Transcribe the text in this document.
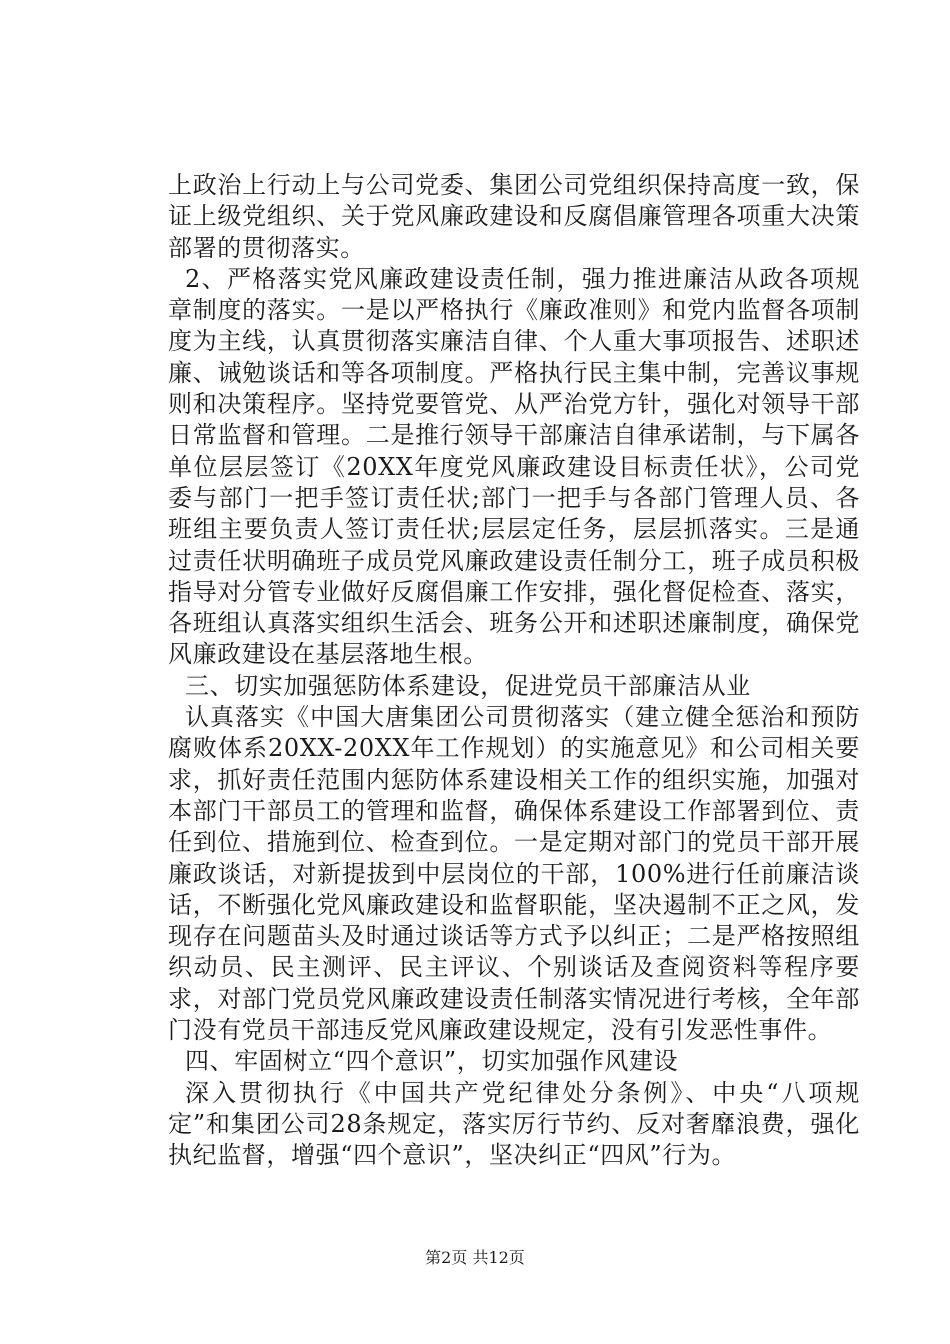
上政治上行动上与公司党委、集团公司党组织保持高度一致，保证上级党组织、关于党风廉政建设和反腐倡廉管理各项重大决策部署的贯彻落实。

2、严格落实党风廉政建设责任制，强力推进廉洁从政各项规章制度的落实。一是以严格执行《廉政准则》和党内监督各项制度为主线，认真贯彻落实廉洁自律、个人重大事项报告、述职述廉、诫勉谈话和等各项制度。严格执行民主集中制，完善议事规则和决策程序。坚持党要管党、从严治党方针，强化对领导干部日常监督和管理。二是推行领导干部廉洁自律承诺制，与下属各单位层层签订《20XX年度党风廉政建设目标责任状》，公司党委与部门一把手签订责任状;部门一把手与各部门管理人员、各班组主要负责人签订责任状;层层定任务，层层抓落实。三是通过责任状明确班子成员党风廉政建设责任制分工，班子成员积极指导对分管专业做好反腐倡廉工作安排，强化督促检查、落实，各班组认真落实组织生活会、班务公开和述职述廉制度，确保党风廉政建设在基层落地生根。

三、切实加强惩防体系建设，促进党员干部廉洁从业

认真落实《中国大唐集团公司贯彻落实（建立健全惩治和预防腐败体系20XX-20XX年工作规划）的实施意见》和公司相关要求，抓好责任范围内惩防体系建设相关工作的组织实施，加强对本部门干部员工的管理和监督，确保体系建设工作部署到位、责任到位、措施到位、检查到位。一是定期对部门的党员干部开展廉政谈话，对新提拔到中层岗位的干部，100%进行任前廉洁谈话，不断强化党风廉政建设和监督职能，坚决遏制不正之风，发现存在问题苗头及时通过谈话等方式予以纠正；二是严格按照组织动员、民主测评、民主评议、个别谈话及查阅资料等程序要求，对部门党员党风廉政建设责任制落实情况进行考核，全年部门没有党员干部违反党风廉政建设规定，没有引发恶性事件。

四、牢固树立“四个意识”，切实加强作风建设

深入贯彻执行《中国共产党纪律处分条例》、中央“八项规定”和集团公司28条规定，落实厉行节约、反对奢靡浪费，强化执纪监督，增强“四个意识”，坚决纠正“四风”行为。

第2页 共12页
